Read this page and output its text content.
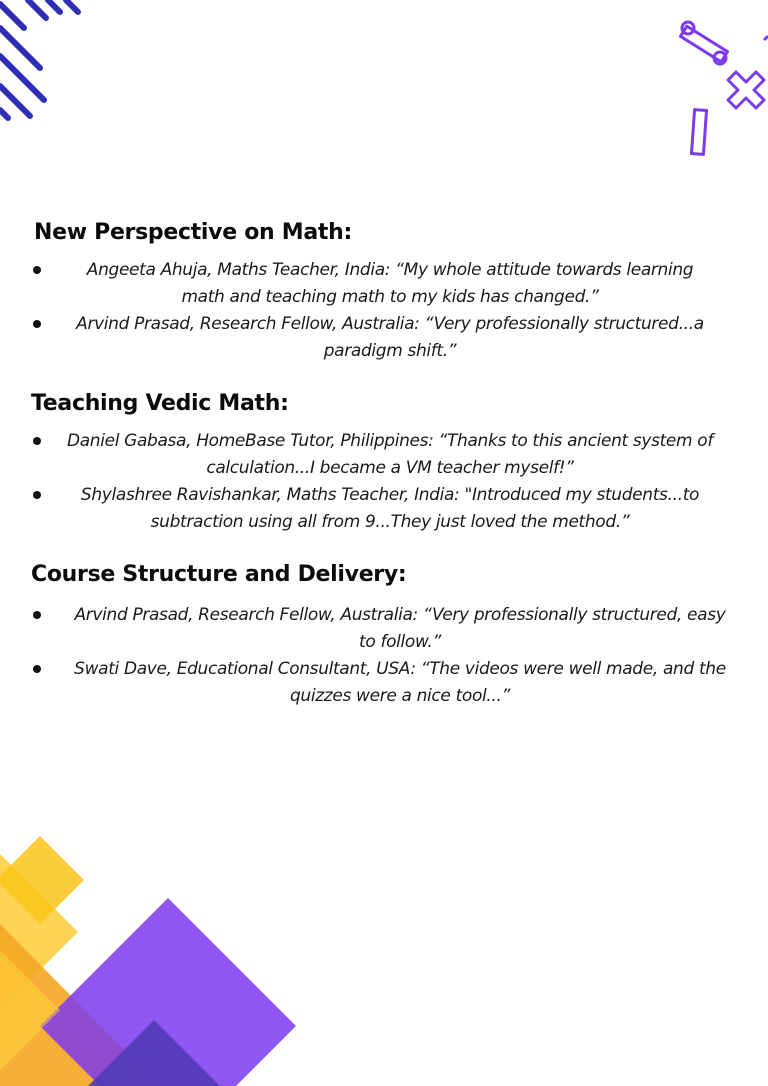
New Perspective on Math:
Angeeta Ahuja, Maths Teacher, India: “My whole attitude towards learning math and teaching math to my kids has changed.”
Arvind Prasad, Research Fellow, Australia: “Very professionally structured...a paradigm shift.”
Teaching Vedic Math:
Daniel Gabasa, HomeBase Tutor, Philippines: “Thanks to this ancient system of calculation...I became a VM teacher myself!”
Shylashree Ravishankar, Maths Teacher, India: "Introduced my students...to subtraction using all from 9...They just loved the method.”
Course Structure and Delivery:
Arvind Prasad, Research Fellow, Australia: “Very professionally structured, easy to follow.”
Swati Dave, Educational Consultant, USA: “The videos were well made, and the quizzes were a nice tool...”
